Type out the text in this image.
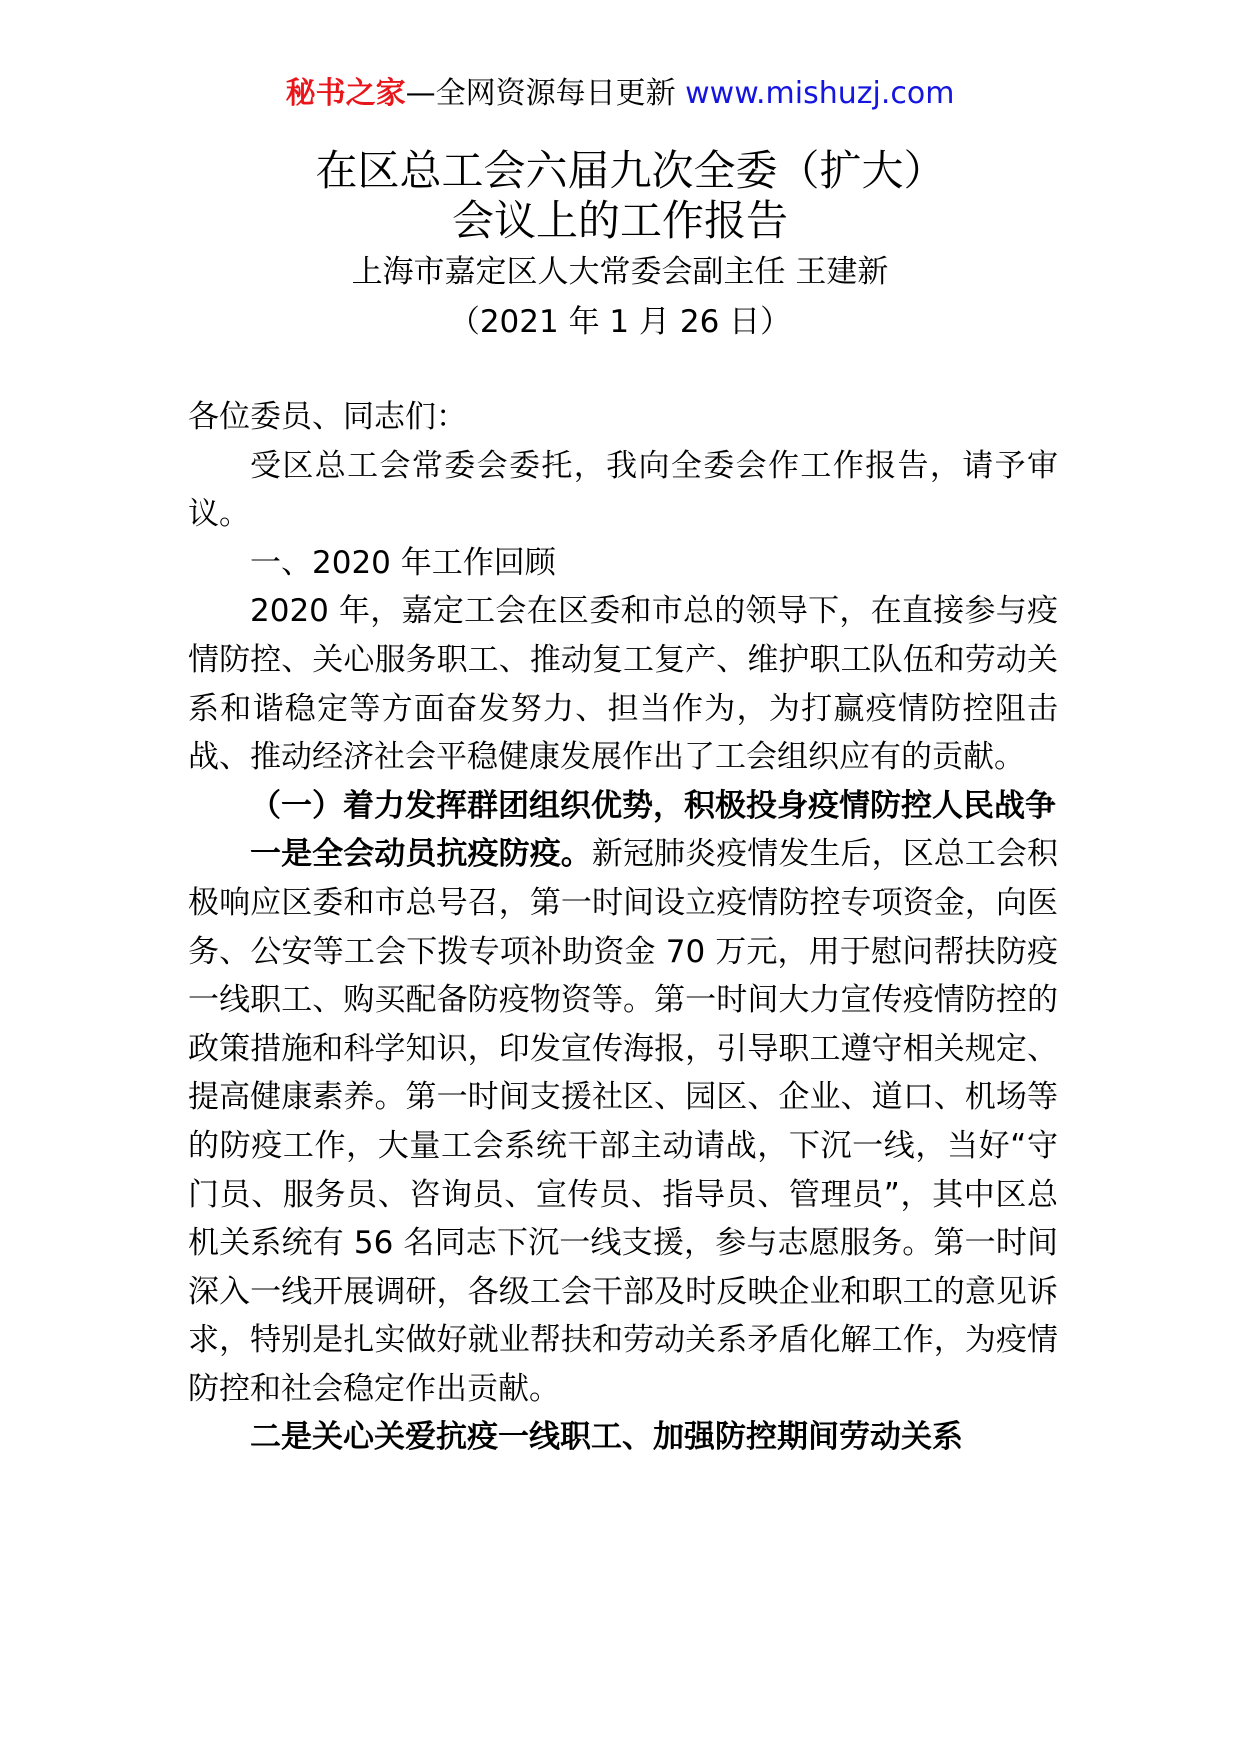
秘书之家—全网资源每日更新 www.mishuzj.com
在区总工会六届九次全委（扩大）会议上的工作报告
上海市嘉定区人大常委会副主任 王建新
（2021 年 1 月 26 日）

各位委员、同志们：

受区总工会常委会委托，我向全委会作工作报告，请予审议。

一、2020 年工作回顾

2020 年，嘉定工会在区委和市总的领导下，在直接参与疫情防控、关心服务职工、推动复工复产、维护职工队伍和劳动关系和谐稳定等方面奋发努力、担当作为，为打赢疫情防控阻击战、推动经济社会平稳健康发展作出了工会组织应有的贡献。

（一）着力发挥群团组织优势，积极投身疫情防控人民战争

一是全会动员抗疫防疫。新冠肺炎疫情发生后，区总工会积极响应区委和市总号召，第一时间设立疫情防控专项资金，向医务、公安等工会下拨专项补助资金 70 万元，用于慰问帮扶防疫一线职工、购买配备防疫物资等。第一时间大力宣传疫情防控的政策措施和科学知识，印发宣传海报，引导职工遵守相关规定、提高健康素养。第一时间支援社区、园区、企业、道口、机场等的防疫工作，大量工会系统干部主动请战，下沉一线，当好“守门员、服务员、咨询员、宣传员、指导员、管理员”，其中区总机关系统有 56 名同志下沉一线支援，参与志愿服务。第一时间深入一线开展调研，各级工会干部及时反映企业和职工的意见诉求，特别是扎实做好就业帮扶和劳动关系矛盾化解工作，为疫情防控和社会稳定作出贡献。

二是关心关爱抗疫一线职工、加强防控期间劳动关系
